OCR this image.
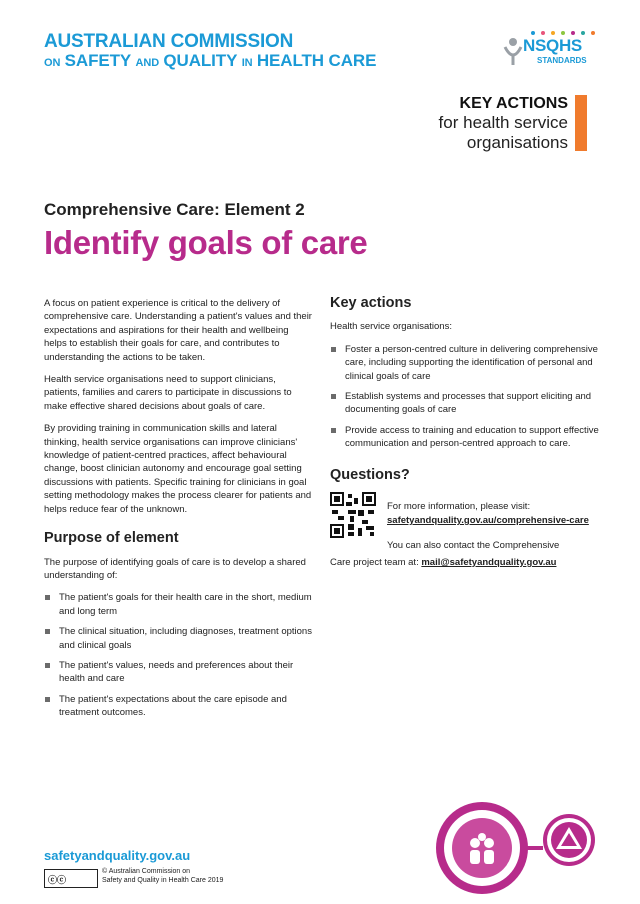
AUSTRALIAN COMMISSION
ON SAFETY AND QUALITY IN HEALTH CARE
NSQHS
STANDARDS
KEY ACTIONS
for health service
organisations
Comprehensive Care: Element 2
Identify goals of care

A focus on patient experience is critical to the delivery of comprehensive care. Understanding a patient's values and their expectations and aspirations for their health and wellbeing helps to establish their goals for care, and contributes to understanding the actions to be taken.

Health service organisations need to support clinicians, patients, families and carers to participate in discussions to make effective shared decisions about goals of care.

By providing training in communication skills and lateral thinking, health service organisations can improve clinicians' knowledge of patient-centred practices, affect behavioural change, boost clinician autonomy and encourage goal setting discussions with patients. Specific training for clinicians in goal setting methodology makes the process clearer for patients and helps reduce fear of the unknown.

Purpose of element

The purpose of identifying goals of care is to develop a shared understanding of:

The patient's goals for their health care in the short, medium and long term
The clinical situation, including diagnoses, treatment options and clinical goals
The patient's values, needs and preferences about their health and care
The patient's expectations about the care episode and treatment outcomes.
Key actions

Health service organisations:

Foster a person-centred culture in delivering comprehensive care, including supporting the identification of personal and clinical goals of care
Establish systems and processes that support eliciting and documenting goals of care
Provide access to training and education to support effective communication and person-centred approach to care.
Questions?
For more information, please visit:
safetyandquality.gov.au/comprehensive-care
You can also contact the Comprehensive
Care project team at: mail@safetyandquality.gov.au
safetyandquality.gov.au
ⓒⓒ
© Australian Commission on
Safety and Quality in Health Care 2019
